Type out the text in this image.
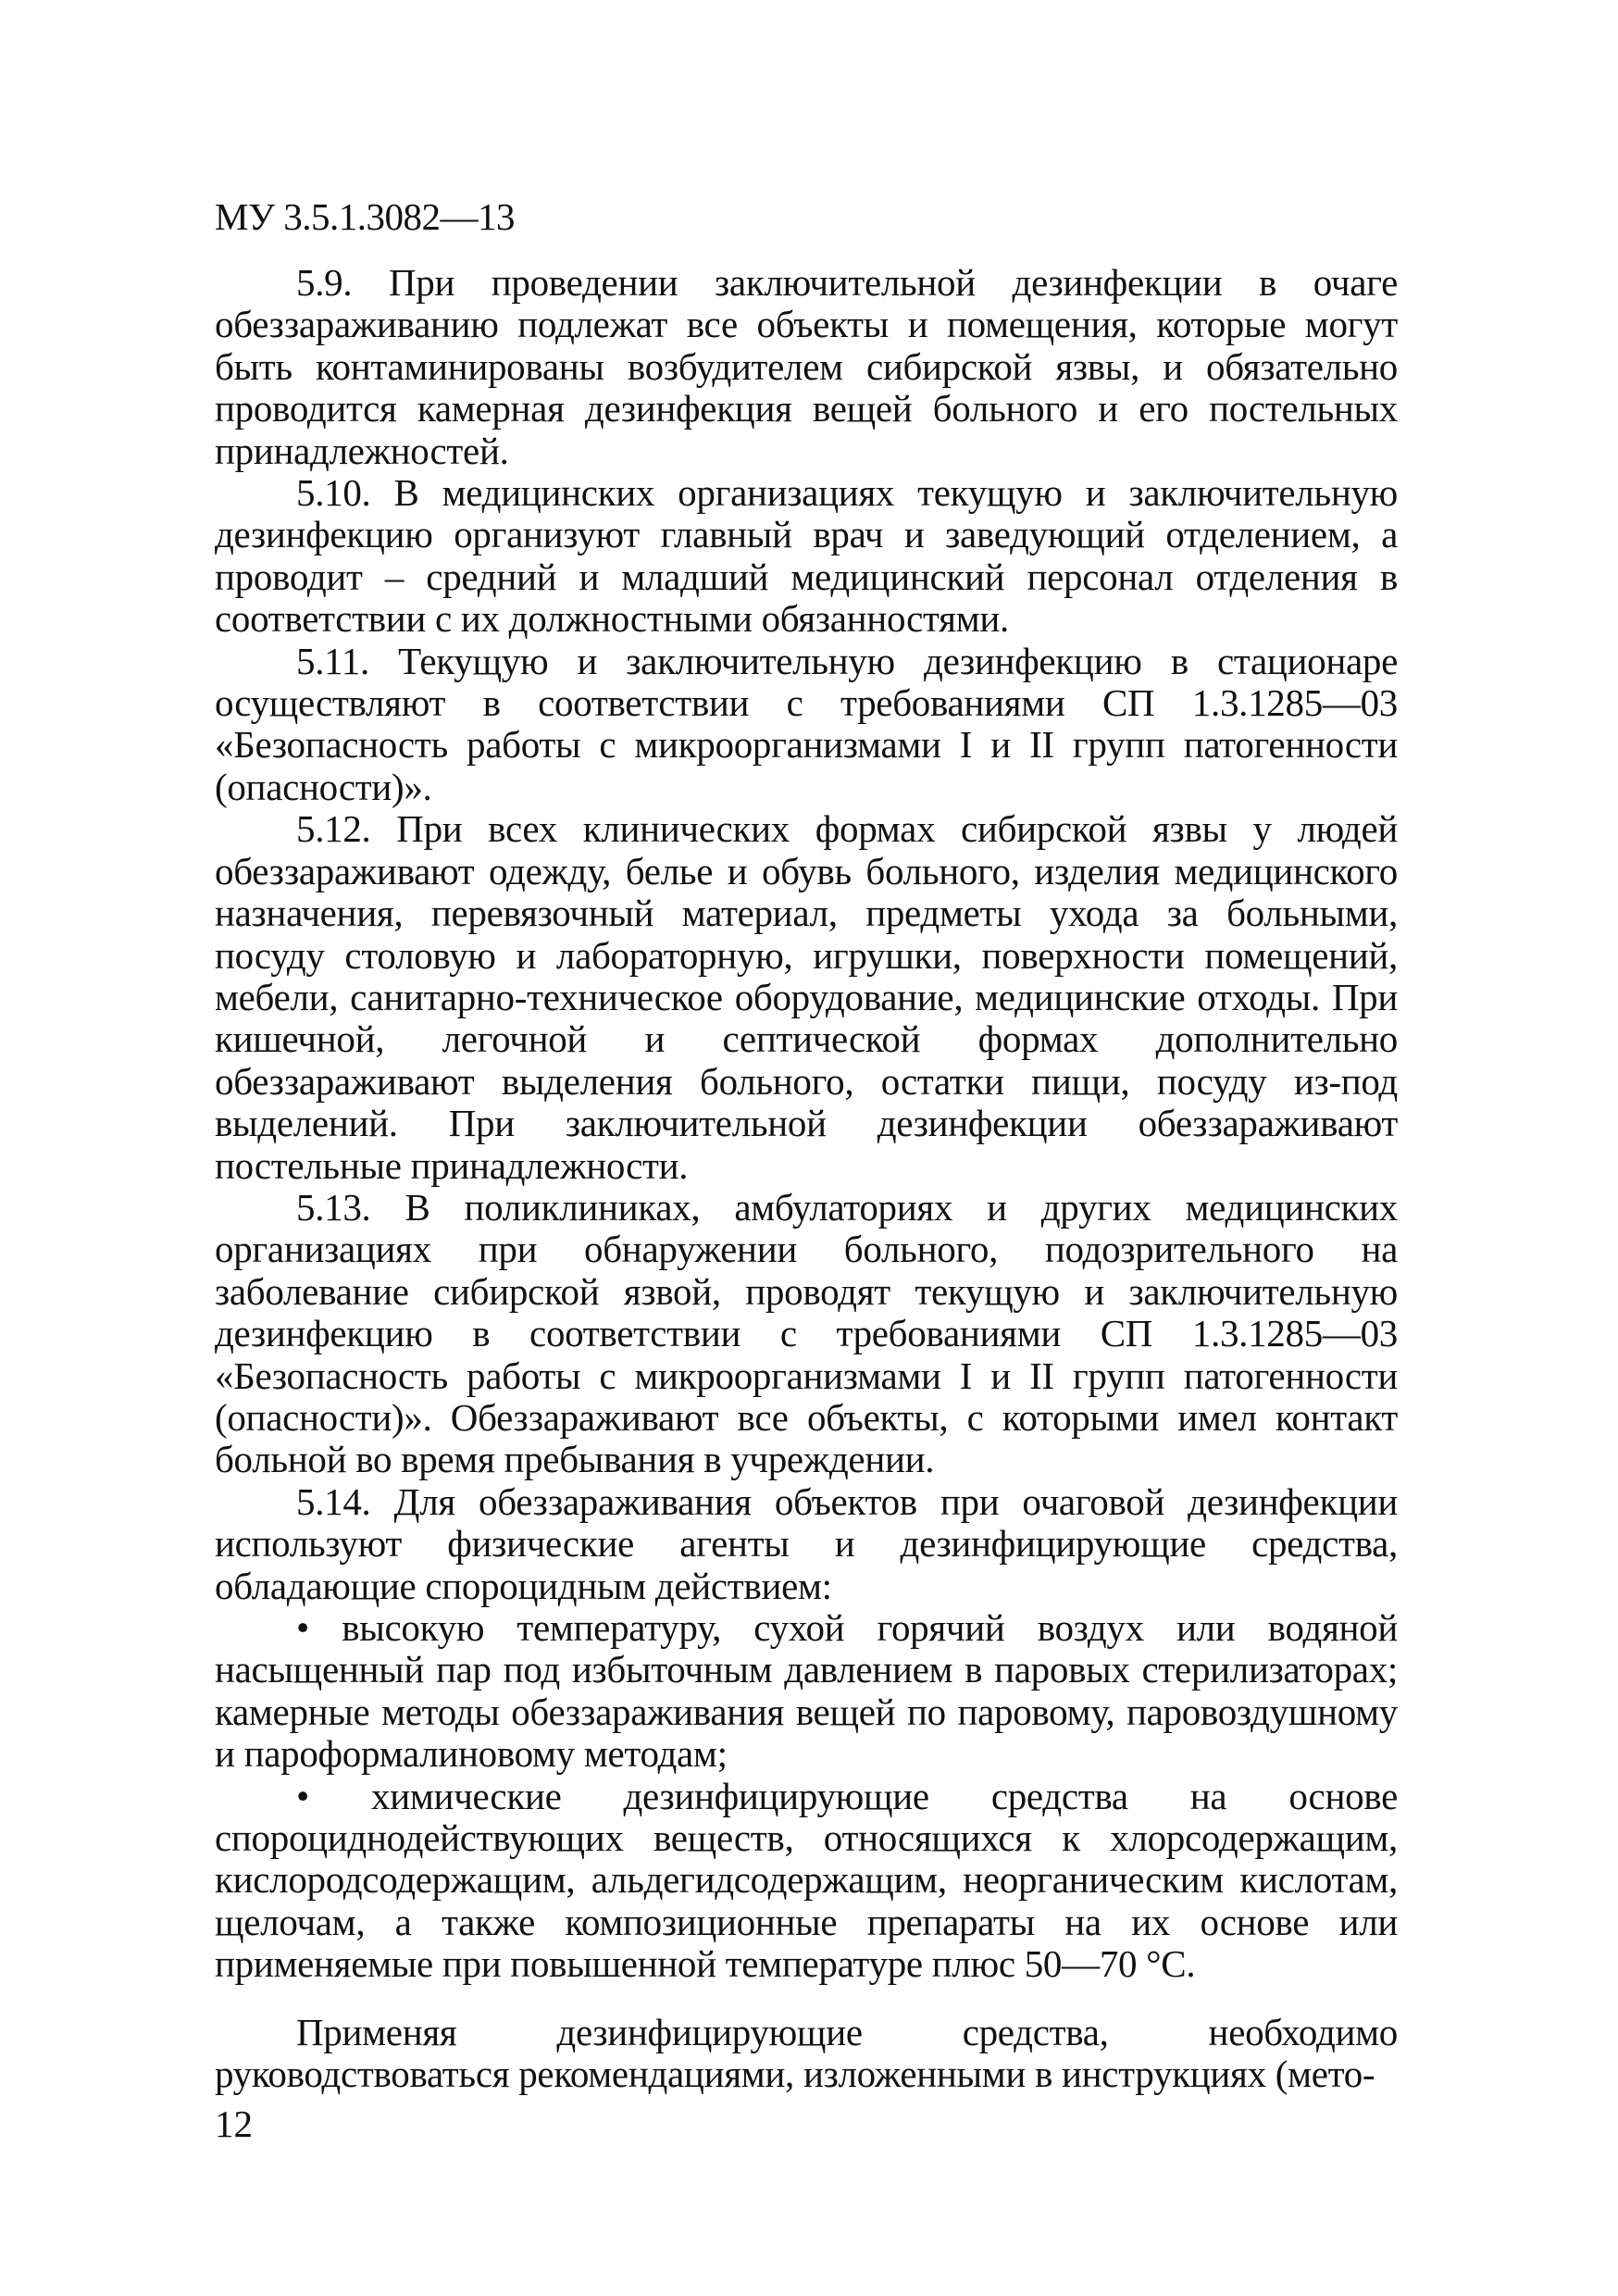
МУ 3.5.1.3082—13

5.9. При проведении заключительной дезинфекции в очаге обеззараживанию подлежат все объекты и помещения, которые могут быть контаминированы возбудителем сибирской язвы, и обязательно проводится камерная дезинфекция вещей больного и его постельных принадлежностей.

5.10. В медицинских организациях текущую и заключительную дезинфекцию организуют главный врач и заведующий отделением, а проводит – средний и младший медицинский персонал отделения в соответствии с их должностными обязанностями.

5.11. Текущую и заключительную дезинфекцию в стационаре осуществляют в соответствии с требованиями СП 1.3.1285—03 «Безопасность работы с микроорганизмами I и II групп патогенности (опасности)».

5.12. При всех клинических формах сибирской язвы у людей обеззараживают одежду, белье и обувь больного, изделия медицинского назначения, перевязочный материал, предметы ухода за больными, посуду столовую и лабораторную, игрушки, поверхности помещений, мебели, санитарно-техническое оборудование, медицинские отходы. При кишечной, легочной и септической формах дополнительно обеззараживают выделения больного, остатки пищи, посуду из-под выделений. При заключительной дезинфекции обеззараживают постельные принадлежности.

5.13. В поликлиниках, амбулаториях и других медицинских организациях при обнаружении больного, подозрительного на заболевание сибирской язвой, проводят текущую и заключительную дезинфекцию в соответствии с требованиями СП 1.3.1285—03 «Безопасность работы с микроорганизмами I и II групп патогенности (опасности)». Обеззараживают все объекты, с которыми имел контакт больной во время пребывания в учреждении.

5.14. Для обеззараживания объектов при очаговой дезинфекции используют физические агенты и дезинфицирующие средства, обладающие спороцидным действием:

• высокую температуру, сухой горячий воздух или водяной насыщенный пар под избыточным давлением в паровых стерилизаторах; камерные методы обеззараживания вещей по паровому, паровоздушному и пароформалиновому методам;

• химические дезинфицирующие средства на основе спороциднодействующих веществ, относящихся к хлорсодержащим, кислородсодержащим, альдегидсодержащим, неорганическим кислотам, щелочам, а также композиционные препараты на их основе или применяемые при повышенной температуре плюс 50—70 °С.

Применяя дезинфицирующие средства, необходимо руководствоваться рекомендациями, изложенными в инструкциях (мето-

12
